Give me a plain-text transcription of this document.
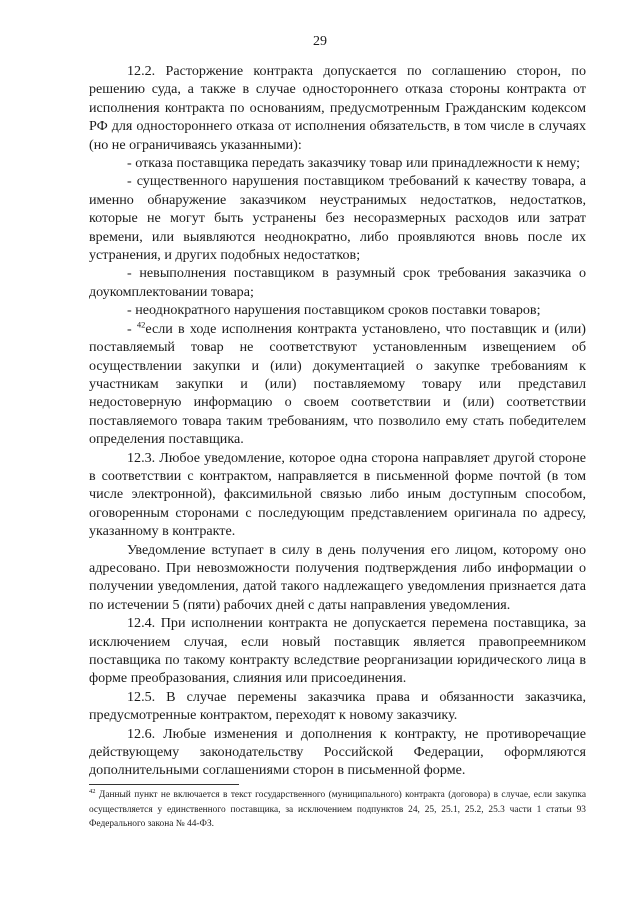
29

12.2. Расторжение контракта допускается по соглашению сторон, по решению суда, а также в случае одностороннего отказа стороны контракта от исполнения контракта по основаниям, предусмотренным Гражданским кодексом РФ для одностороннего отказа от исполнения обязательств, в том числе в случаях (но не ограничиваясь указанными):

- отказа поставщика передать заказчику товар или принадлежности к нему;

- существенного нарушения поставщиком требований к качеству товара, а именно обнаружение заказчиком неустранимых недостатков, недостатков, которые не могут быть устранены без несоразмерных расходов или затрат времени, или выявляются неоднократно, либо проявляются вновь после их устранения, и других подобных недостатков;

- невыполнения поставщиком в разумный срок требования заказчика о доукомплектовании товара;

- неоднократного нарушения поставщиком сроков поставки товаров;

- $^{42}$если в ходе исполнения контракта установлено, что поставщик и (или) поставляемый товар не соответствуют установленным извещением об осуществлении закупки и (или) документацией о закупке требованиям к участникам закупки и (или) поставляемому товару или представил недостоверную информацию о своем соответствии и (или) соответствии поставляемого товара таким требованиям, что позволило ему стать победителем определения поставщика.

12.3. Любое уведомление, которое одна сторона направляет другой стороне в соответствии с контрактом, направляется в письменной форме почтой (в том числе электронной), факсимильной связью либо иным доступным способом, оговоренным сторонами с последующим представлением оригинала по адресу, указанному в контракте.

Уведомление вступает в силу в день получения его лицом, которому оно адресовано. При невозможности получения подтверждения либо информации о получении уведомления, датой такого надлежащего уведомления признается дата по истечении 5 (пяти) рабочих дней с даты направления уведомления.

12.4. При исполнении контракта не допускается перемена поставщика, за исключением случая, если новый поставщик является правопреемником поставщика по такому контракту вследствие реорганизации юридического лица в форме преобразования, слияния или присоединения.

12.5. В случае перемены заказчика права и обязанности заказчика, предусмотренные контрактом, переходят к новому заказчику.

12.6. Любые изменения и дополнения к контракту, не противоречащие действующему законодательству Российской Федерации, оформляются дополнительными соглашениями сторон в письменной форме.

$^{42}$ Данный пункт не включается в текст государственного (муниципального) контракта (договора) в случае, если закупка осуществляется у единственного поставщика, за исключением подпунктов 24, 25, 25.1, 25.2, 25.3 части 1 статьи 93 Федерального закона № 44-ФЗ.
